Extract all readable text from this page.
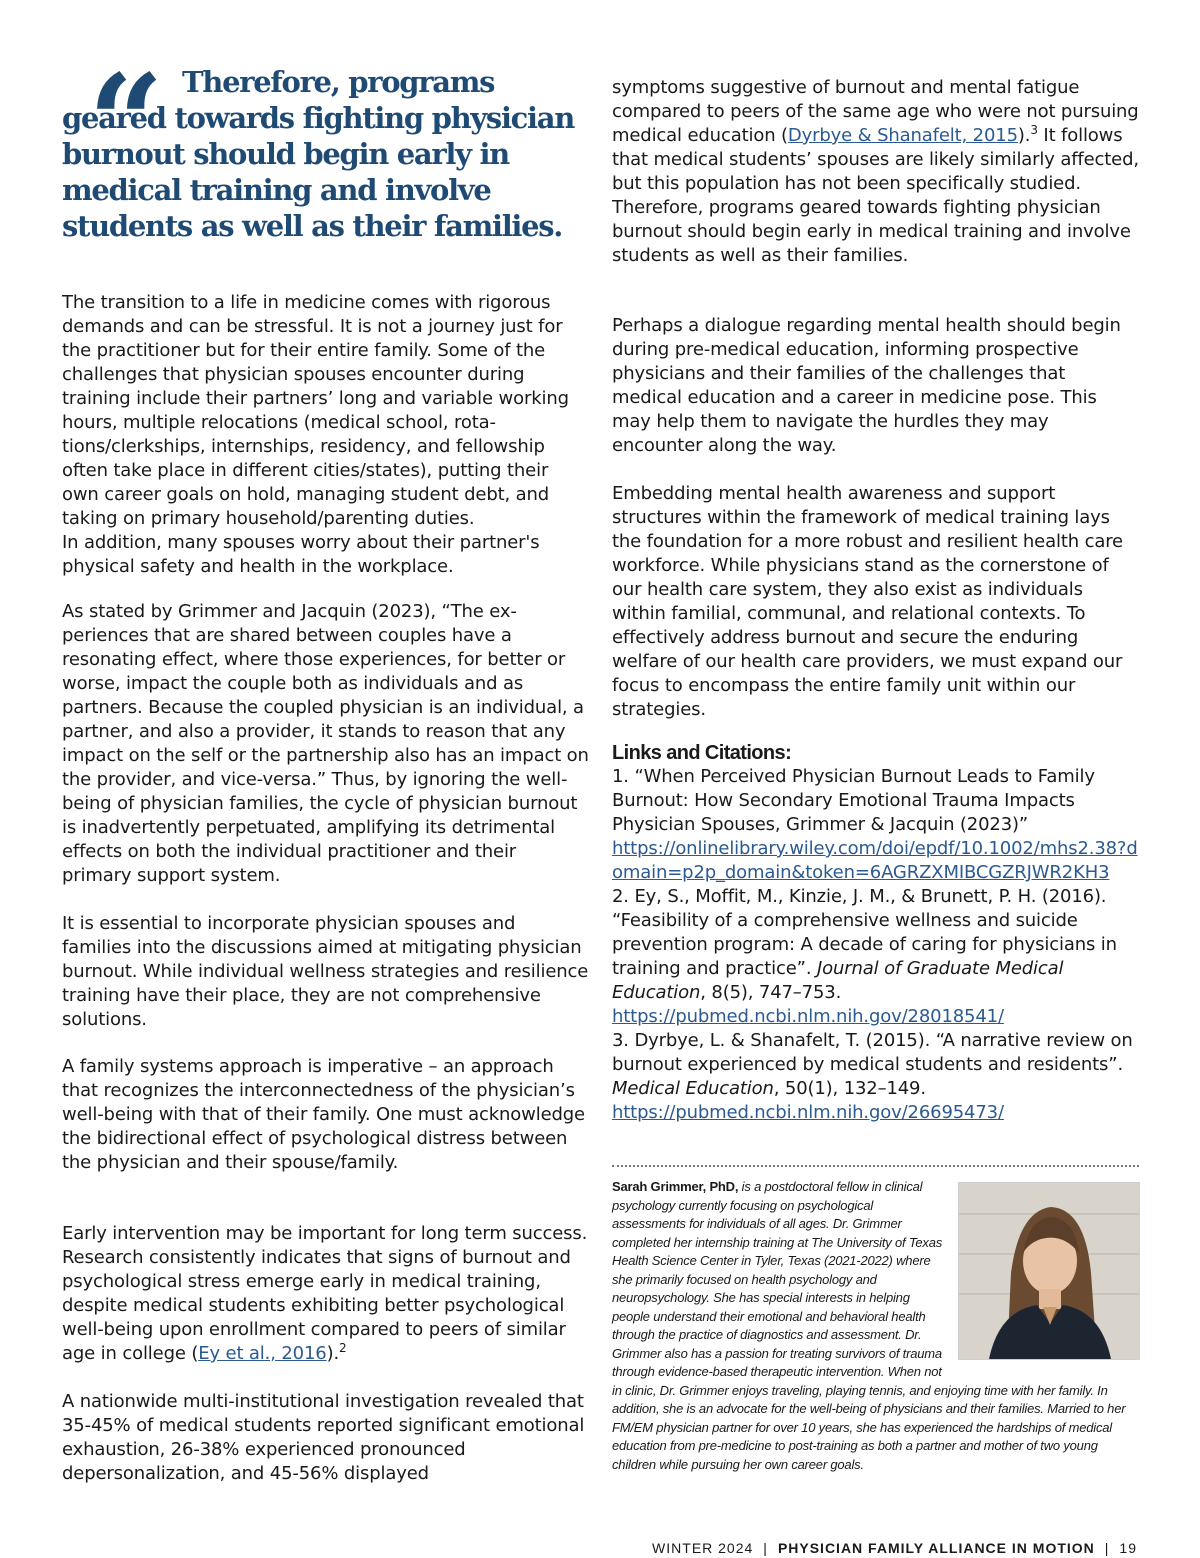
“ Therefore, programs geared towards fighting physician burnout should begin early in medical training and involve students as well as their families.

The transition to a life in medicine comes with rigorous demands and can be stressful. It is not a journey just for the practitioner but for their entire family. Some of the challenges that physician spouses encounter during training include their partners’ long and variable working hours, multiple relocations (medical school, rotations/clerkships, internships, residency, and fellowship often take place in different cities/states), putting their own career goals on hold, managing student debt, and taking on primary household/parenting duties.
In addition, many spouses worry about their partner's physical safety and health in the workplace.

As stated by Grimmer and Jacquin (2023), “The experiences that are shared between couples have a resonating effect, where those experiences, for better or worse, impact the couple both as individuals and as partners. Because the coupled physician is an individual, a partner, and also a provider, it stands to reason that any impact on the self or the partnership also has an impact on the provider, and vice-versa.” Thus, by ignoring the well-being of physician families, the cycle of physician burnout is inadvertently perpetuated, amplifying its detrimental effects on both the individual practitioner and their primary support system.

It is essential to incorporate physician spouses and families into the discussions aimed at mitigating physician burnout. While individual wellness strategies and resilience training have their place, they are not comprehensive solutions.

A family systems approach is imperative – an approach that recognizes the interconnectedness of the physician’s well-being with that of their family. One must acknowledge the bidirectional effect of psychological distress between the physician and their spouse/family.

Early intervention may be important for long term success. Research consistently indicates that signs of burnout and psychological stress emerge early in medical training, despite medical students exhibiting better psychological well-being upon enrollment compared to peers of similar age in college (Ey et al., 2016).$^2$

A nationwide multi-institutional investigation revealed that 35-45% of medical students reported significant emotional exhaustion, 26-38% experienced pronounced depersonalization, and 45-56% displayed

symptoms suggestive of burnout and mental fatigue compared to peers of the same age who were not pursuing medical education (Dyrbye & Shanafelt, 2015).$^3$ It follows that medical students’ spouses are likely similarly affected, but this population has not been specifically studied. Therefore, programs geared towards fighting physician burnout should begin early in medical training and involve students as well as their families.

Perhaps a dialogue regarding mental health should begin during pre-medical education, informing prospective physicians and their families of the challenges that medical education and a career in medicine pose. This may help them to navigate the hurdles they may encounter along the way.

Embedding mental health awareness and support structures within the framework of medical training lays the foundation for a more robust and resilient health care workforce. While physicians stand as the cornerstone of our health care system, they also exist as individuals within familial, communal, and relational contexts. To effectively address burnout and secure the enduring welfare of our health care providers, we must expand our focus to encompass the entire family unit within our strategies.

Links and Citations:

1. “When Perceived Physician Burnout Leads to Family Burnout: How Secondary Emotional Trauma Impacts Physician Spouses, Grimmer & Jacquin (2023)”
https://onlinelibrary.wiley.com/doi/epdf/10.1002/mhs2.38?domain=p2p_domain&token=6AGRZXMIBCGZRJWR2KH3

2. Ey, S., Moffit, M., Kinzie, J. M., & Brunett, P. H. (2016). “Feasibility of a comprehensive wellness and suicide prevention program: A decade of caring for physicians in training and practice”. Journal of Graduate Medical Education, 8(5), 747–753.
https://pubmed.ncbi.nlm.nih.gov/28018541/

3. Dyrbye, L. & Shanafelt, T. (2015). “A narrative review on burnout experienced by medical students and residents”. Medical Education, 50(1), 132–149.
https://pubmed.ncbi.nlm.nih.gov/26695473/

Sarah Grimmer, PhD, is a postdoctoral fellow in clinical psychology currently focusing on psychological assessments for individuals of all ages. Dr. Grimmer completed her internship training at The University of Texas Health Science Center in Tyler, Texas (2021-2022) where she primarily focused on health psychology and neuropsychology. She has special interests in helping people understand their emotional and behavioral health through the practice of diagnostics and assessment. Dr. Grimmer also has a passion for treating survivors of trauma through evidence-based therapeutic intervention. When not in clinic, Dr. Grimmer enjoys traveling, playing tennis, and enjoying time with her family. In addition, she is an advocate for the well-being of physicians and their families. Married to her FM/EM physician partner for over 10 years, she has experienced the hardships of medical education from pre-medicine to post-training as both a partner and mother of two young children while pursuing her own career goals.
WINTER 2024 | PHYSICIAN FAMILY ALLIANCE IN MOTION | 19
